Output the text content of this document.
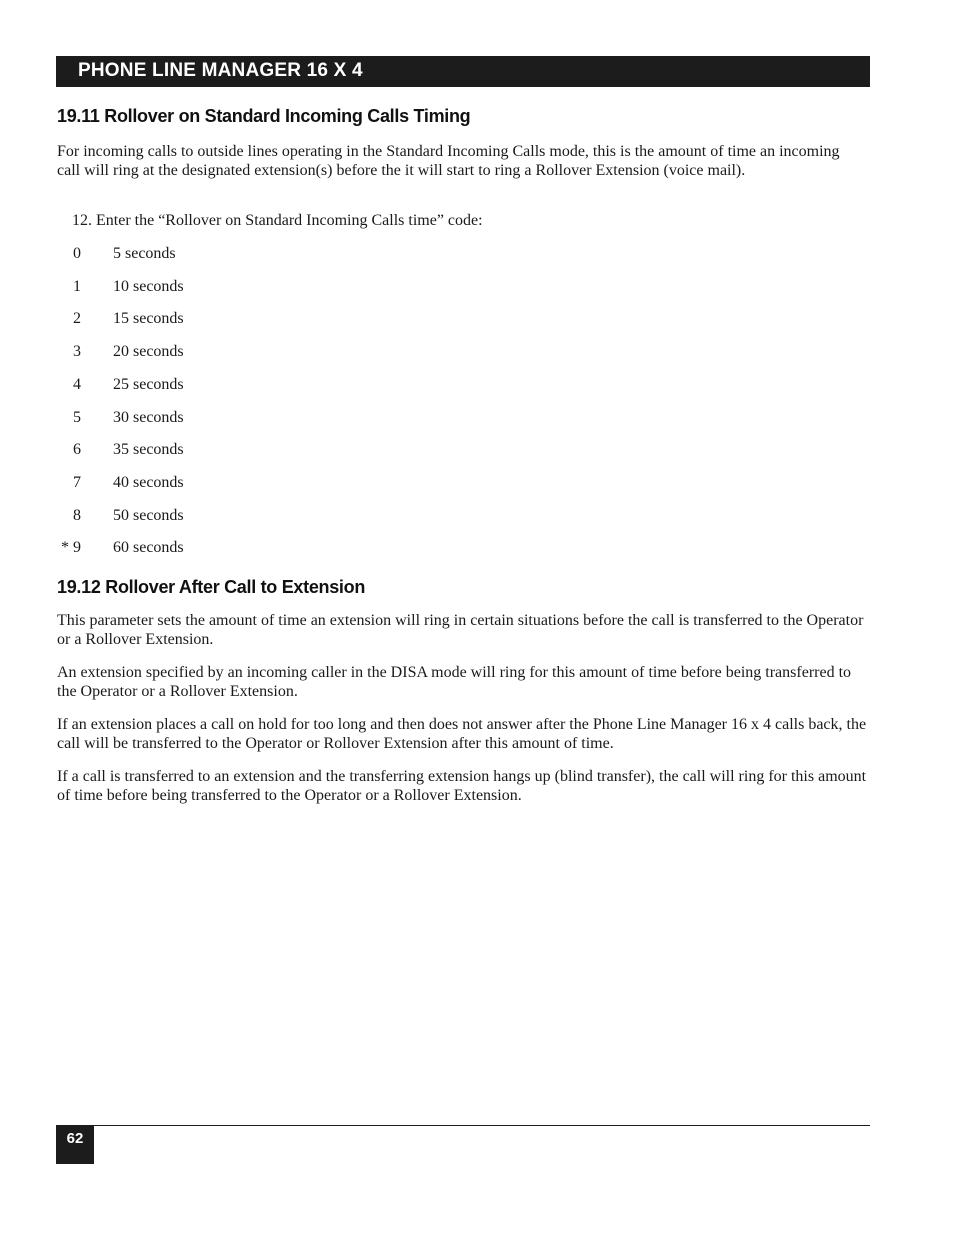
PHONE LINE MANAGER 16 X 4
19.11 Rollover on Standard Incoming Calls Timing

For incoming calls to outside lines operating in the Standard Incoming Calls mode, this is the amount of time an incoming call will ring at the designated extension(s) before the it will start to ring a Rollover Extension (voice mail).

12. Enter the “Rollover on Standard Incoming Calls time” code:

0 5 seconds
1 10 seconds
2 15 seconds
3 20 seconds
4 25 seconds
5 30 seconds
6 35 seconds
7 40 seconds
8 50 seconds
* 9 60 seconds
19.12 Rollover After Call to Extension

This parameter sets the amount of time an extension will ring in certain situations before the call is transferred to the Operator or a Rollover Extension.

An extension specified by an incoming caller in the DISA mode will ring for this amount of time before being transferred to the Operator or a Rollover Extension.

If an extension places a call on hold for too long and then does not answer after the Phone Line Manager 16 x 4 calls back, the call will be transferred to the Operator or Rollover Extension after this amount of time.

If a call is transferred to an extension and the transferring extension hangs up (blind transfer), the call will ring for this amount of time before being transferred to the Operator or a Rollover Extension.

62
